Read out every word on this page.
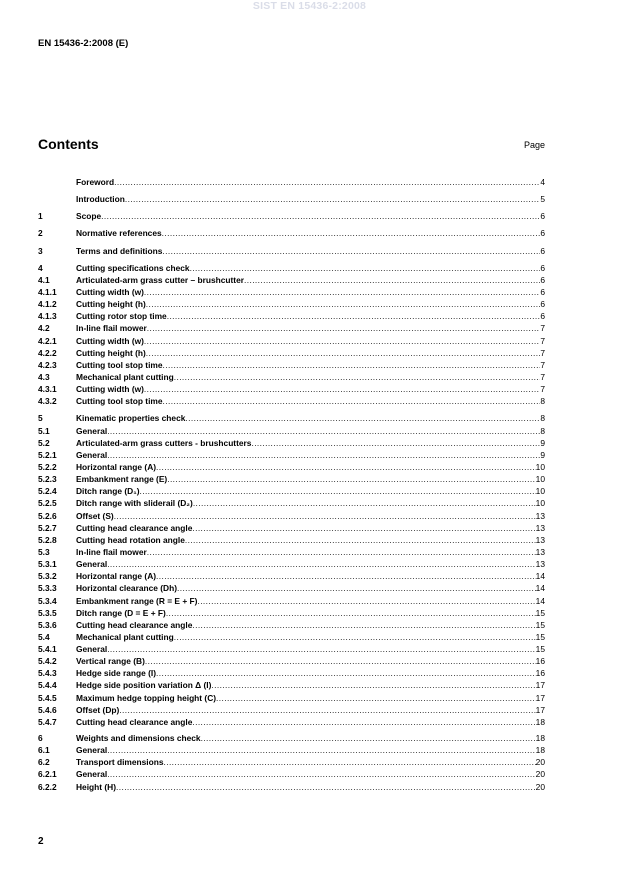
SIST EN 15436-2:2008
EN 15436-2:2008 (E)
Contents	Page
Foreword .....	4
Introduction .....	5
1	Scope .....	6
2	Normative references .....	6
3	Terms and definitions .....	6
4	Cutting specifications check .....	6
4.1	Articulated-arm grass cutter – brushcutter .....	6
4.1.1	Cutting width (w) .....	6
4.1.2	Cutting height (h) .....	6
4.1.3	Cutting rotor stop time .....	6
4.2	In-line flail mower .....	7
4.2.1	Cutting width (w) .....	7
4.2.2	Cutting height (h) .....	7
4.2.3	Cutting tool stop time .....	7
4.3	Mechanical plant cutting .....	7
4.3.1	Cutting width (w) .....	7
4.3.2	Cutting tool stop time .....	8
5	Kinematic properties check .....	8
5.1	General .....	8
5.2	Articulated-arm grass cutters - brushcutters .....	9
5.2.1	General .....	9
5.2.2	Horizontal range (A) .....	10
5.2.3	Embankment range (E) .....	10
5.2.4	Ditch range (D₁) .....	10
5.2.5	Ditch range with sliderail (D₂) .....	10
5.2.6	Offset (S) .....	13
5.2.7	Cutting head clearance angle .....	13
5.2.8	Cutting head rotation angle .....	13
5.3	In-line flail mower .....	13
5.3.1	General .....	13
5.3.2	Horizontal range (A) .....	14
5.3.3	Horizontal clearance (Dh) .....	14
5.3.4	Embankment range (R = E + F) .....	14
5.3.5	Ditch range (D = E + F) .....	15
5.3.6	Cutting head clearance angle .....	15
5.4	Mechanical plant cutting .....	15
5.4.1	General .....	15
5.4.2	Vertical range (B) .....	16
5.4.3	Hedge side range (I) .....	16
5.4.4	Hedge side position variation Δ (I) .....	17
5.4.5	Maximum hedge topping height (C) .....	17
5.4.6	Offset (Dp) .....	17
5.4.7	Cutting head clearance angle .....	18
6	Weights and dimensions check .....	18
6.1	General .....	18
6.2	Transport dimensions .....	20
6.2.1	General .....	20
6.2.2	Height (H) .....	20
2
